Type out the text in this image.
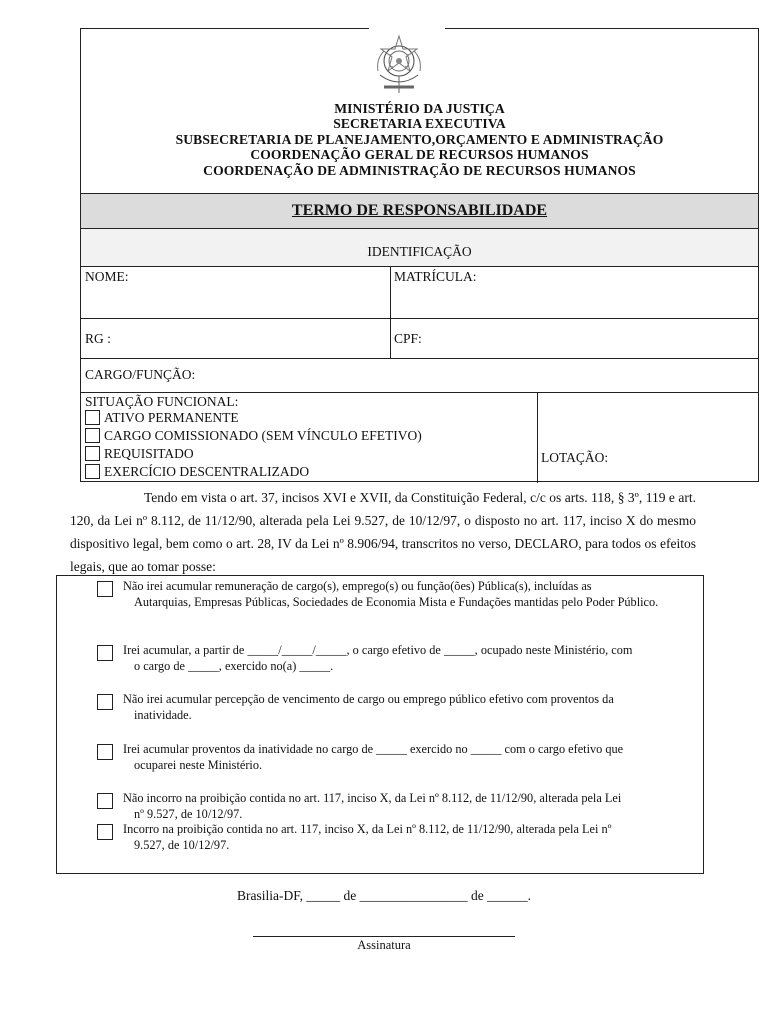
MINISTÉRIO DA JUSTIÇA
SECRETARIA EXECUTIVA
SUBSECRETARIA DE PLANEJAMENTO,ORÇAMENTO E ADMINISTRAÇÃO
COORDENAÇÃO GERAL DE RECURSOS HUMANOS
COORDENAÇÃO DE ADMINISTRAÇÃO DE RECURSOS HUMANOS
TERMO DE RESPONSABILIDADE
IDENTIFICAÇÃO
NOME:	MATRÍCULA:
RG :	CPF:
CARGO/FUNÇÃO:
SITUAÇÃO FUNCIONAL:
ATIVO PERMANENTE
CARGO COMISSIONADO (SEM VÍNCULO EFETIVO)
REQUISITADO
EXERCÍCIO DESCENTRALIZADO
LOTAÇÃO:
Tendo em vista o art. 37, incisos XVI e XVII, da Constituição Federal, c/c os arts. 118, § 3º, 119 e art. 120, da Lei nº 8.112, de 11/12/90, alterada pela Lei 9.527, de 10/12/97, o disposto no art. 117, inciso X do mesmo dispositivo legal, bem como o art. 28, IV da Lei nº 8.906/94, transcritos no verso, DECLARO, para todos os efeitos legais, que ao tomar posse:
Não irei acumular remuneração de cargo(s), emprego(s) ou função(ões) Pública(s), incluídas as
Autarquias, Empresas Públicas, Sociedades de Economia Mista e Fundações mantidas pelo Poder Público.
Irei acumular, a partir de _____/_____/_____, o cargo efetivo de _____, ocupado neste Ministério, com
o cargo de _____, exercido no(a) _____.
Não irei acumular percepção de vencimento de cargo ou emprego público efetivo com proventos da
inatividade.
Irei acumular proventos da inatividade no cargo de _____ exercido no _____ com o cargo efetivo que
ocuparei neste Ministério.
Não incorro na proibição contida no art. 117, inciso X, da Lei nº 8.112, de 11/12/90, alterada pela Lei
nº 9.527, de 10/12/97.
Incorro na proibição contida no art. 117, inciso X, da Lei nº 8.112, de 11/12/90, alterada pela Lei nº
9.527, de 10/12/97.
Brasilia-DF, _____ de ________________ de ______.
Assinatura
